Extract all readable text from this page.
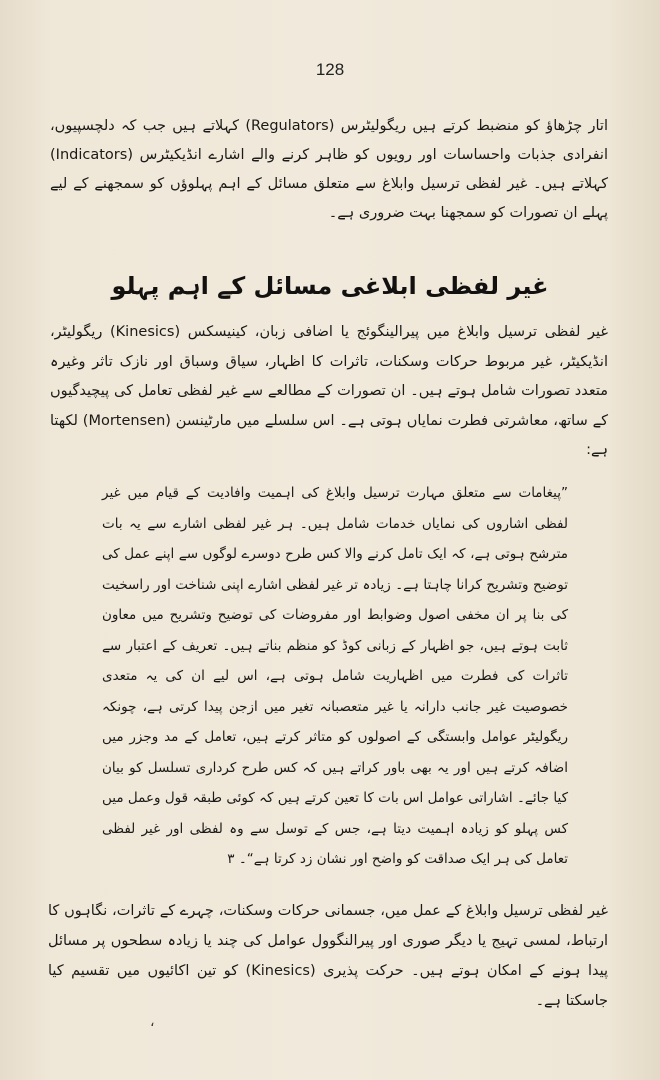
128

اتار چڑھاؤ کو منضبط کرتے ہیں ریگولیٹرس (Regulators) کہلاتے ہیں جب کہ دلچسپیوں، انفرادی جذبات واحساسات اور رویوں کو ظاہر کرنے والے اشارے انڈیکیٹرس (Indicators) کہلاتے ہیں۔ غیر لفظی ترسیل وابلاغ سے متعلق مسائل کے اہم پہلوؤں کو سمجھنے کے لیے پہلے ان تصورات کو سمجھنا بہت ضروری ہے۔

غیر لفظی ابلاغی مسائل کے اہم پہلو

غیر لفظی ترسیل وابلاغ میں پیرالینگوئج یا اضافی زبان، کینیسکس (Kinesics) ریگولیٹر، انڈیکیٹر، غیر مربوط حرکات وسکنات، تاثرات کا اظہار، سیاق وسباق اور نازک تاثر وغیرہ متعدد تصورات شامل ہوتے ہیں۔ ان تصورات کے مطالعے سے غیر لفظی تعامل کی پیچیدگیوں کے ساتھ، معاشرتی فطرت نمایاں ہوتی ہے۔ اس سلسلے میں مارٹینسن (Mortensen) لکھتا ہے:

”پیغامات سے متعلق مہارت ترسیل وابلاغ کی اہمیت وافادیت کے قیام میں غیر لفظی اشاروں کی نمایاں خدمات شامل ہیں۔ ہر غیر لفظی اشارے سے یہ بات مترشح ہوتی ہے، کہ ایک تامل کرنے والا کس طرح دوسرے لوگوں سے اپنے عمل کی توضیح وتشریح کرانا چاہتا ہے۔ زیادہ تر غیر لفظی اشارے اپنی شناخت اور راسخیت کی بنا پر ان مخفی اصول وضوابط اور مفروضات کی توضیح وتشریح میں معاون ثابت ہوتے ہیں، جو اظہار کے زبانی کوڈ کو منظم بناتے ہیں۔ تعریف کے اعتبار سے تاثرات کی فطرت میں اظہاریت شامل ہوتی ہے، اس لیے ان کی یہ متعدی خصوصیت غیر جانب دارانہ یا غیر متعصبانہ تغیر میں ازجن پیدا کرتی ہے، چونکہ ریگولیٹر عوامل وابستگی کے اصولوں کو متاثر کرتے ہیں، تعامل کے مد وجزر میں اضافہ کرتے ہیں اور یہ بھی باور کراتے ہیں کہ کس طرح کرداری تسلسل کو بیان کیا جائے۔ اشاراتی عوامل اس بات کا تعین کرتے ہیں کہ کوئی طبقہ قول وعمل میں کس پہلو کو زیادہ اہمیت دیتا ہے، جس کے توسل سے وہ لفظی اور غیر لفظی تعامل کی ہر ایک صداقت کو واضح اور نشان زد کرتا ہے“۔ ۳

غیر لفظی ترسیل وابلاغ کے عمل میں، جسمانی حرکات وسکنات، چہرے کے تاثرات، نگاہوں کا ارتباط، لمسی تہیج یا دیگر صوری اور پیرالنگوول عوامل کی چند یا زیادہ سطحوں پر مسائل پیدا ہونے کے امکان ہوتے ہیں۔ حرکت پذیری (Kinesics) کو تین اکائیوں میں تقسیم کیا جاسکتا ہے۔

،
